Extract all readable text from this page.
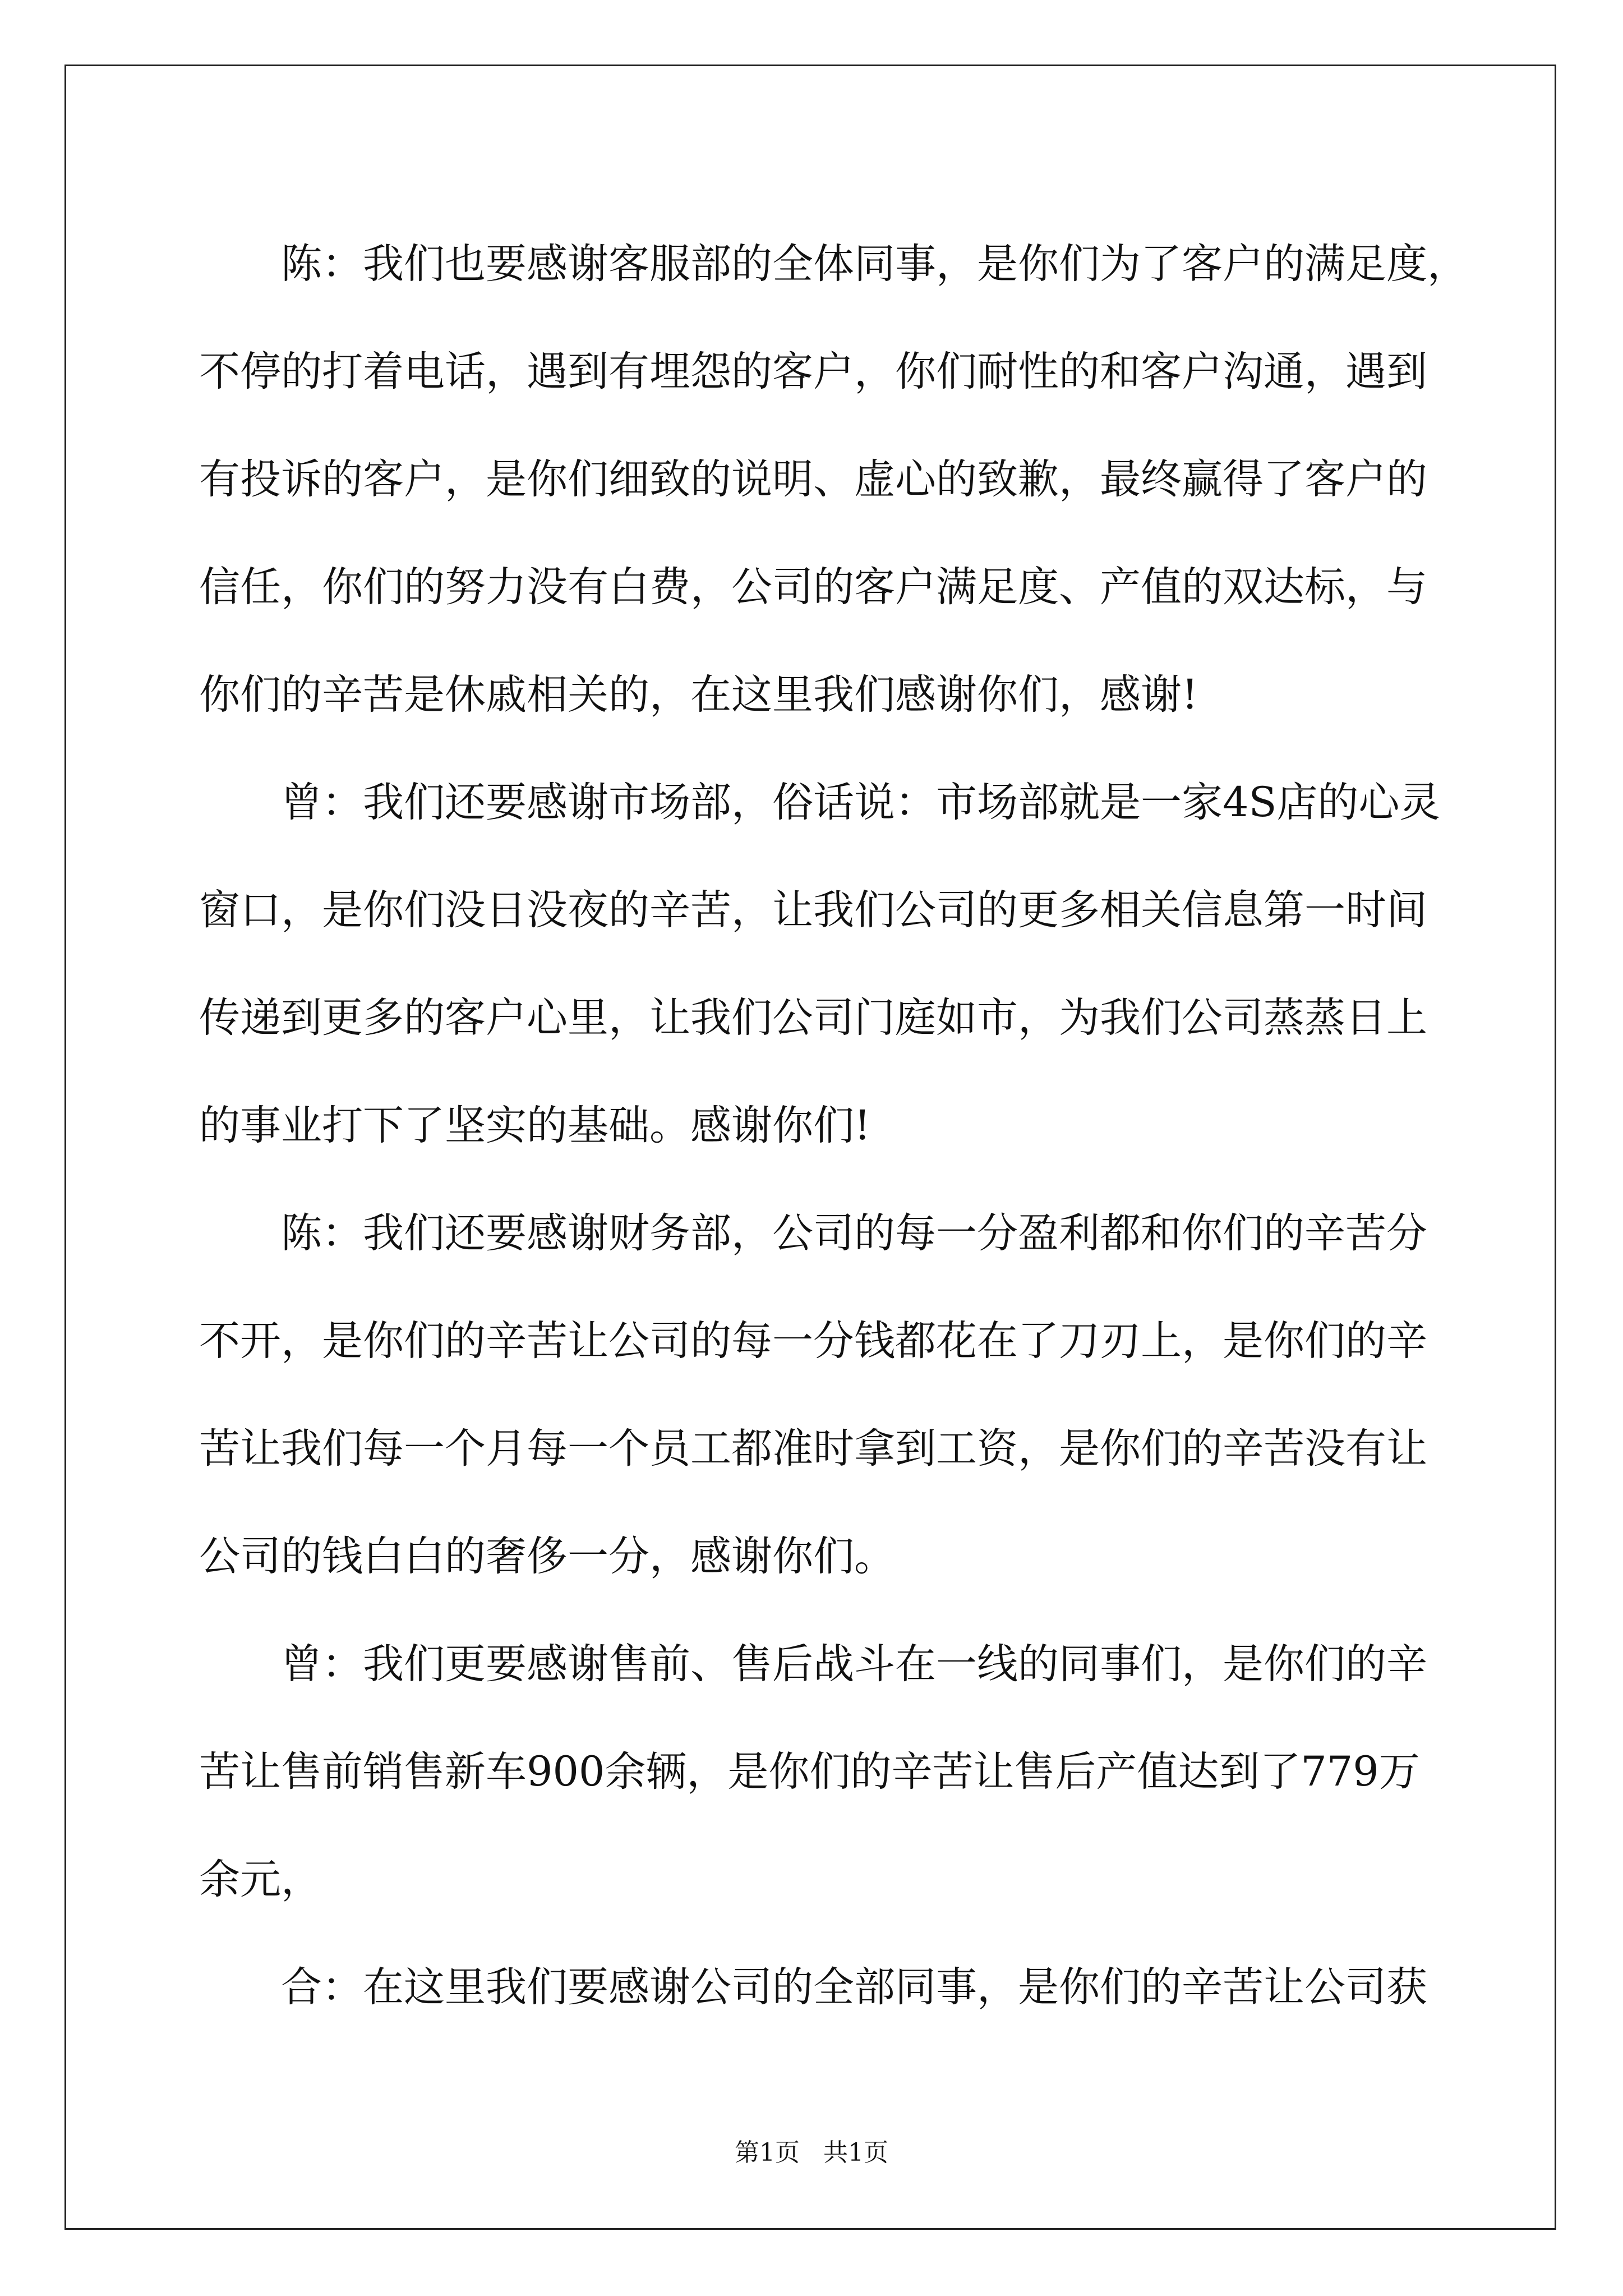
陈：我们也要感谢客服部的全体同事，是你们为了客户的满足度，
不停的打着电话，遇到有埋怨的客户，你们耐性的和客户沟通，遇到
有投诉的客户，是你们细致的说明、虚心的致歉，最终赢得了客户的
信任，你们的努力没有白费，公司的客户满足度、产值的双达标，与
你们的辛苦是休戚相关的，在这里我们感谢你们，感谢!
曾：我们还要感谢市场部，俗话说：市场部就是一家4S店的心灵
窗口，是你们没日没夜的辛苦，让我们公司的更多相关信息第一时间
传递到更多的客户心里，让我们公司门庭如市，为我们公司蒸蒸日上
的事业打下了坚实的基础。感谢你们!
陈：我们还要感谢财务部，公司的每一分盈利都和你们的辛苦分
不开，是你们的辛苦让公司的每一分钱都花在了刀刃上，是你们的辛
苦让我们每一个月每一个员工都准时拿到工资，是你们的辛苦没有让
公司的钱白白的奢侈一分，感谢你们。
曾：我们更要感谢售前、售后战斗在一线的同事们，是你们的辛
苦让售前销售新车900余辆，是你们的辛苦让售后产值达到了779万
余元，
合：在这里我们要感谢公司的全部同事，是你们的辛苦让公司获
第1页 共1页
